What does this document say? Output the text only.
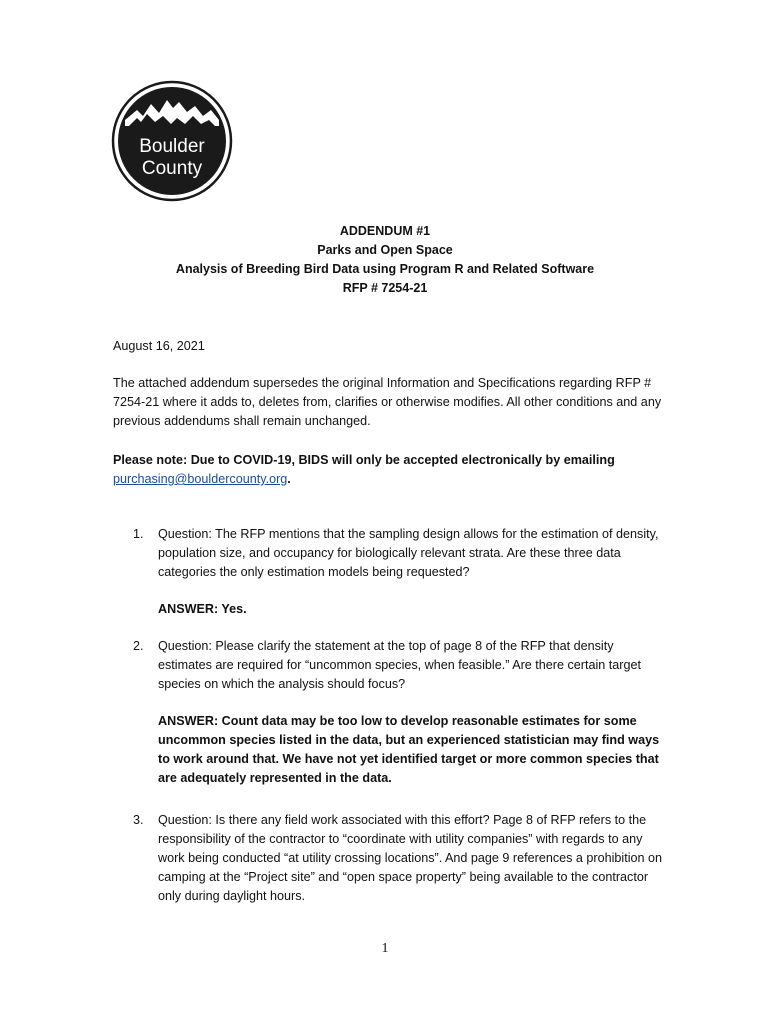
Boulder
County

ADDENDUM #1

Parks and Open Space

Analysis of Breeding Bird Data using Program R and Related Software

RFP # 7254-21

August 16, 2021

The attached addendum supersedes the original Information and Specifications regarding RFP # 7254-21 where it adds to, deletes from, clarifies or otherwise modifies. All other conditions and any previous addendums shall remain unchanged.

Please note: Due to COVID-19, BIDS will only be accepted electronically by emailing purchasing@bouldercounty.org.

1.	Question: The RFP mentions that the sampling design allows for the estimation of density, population size, and occupancy for biologically relevant strata. Are these three data categories the only estimation models being requested?
ANSWER: Yes.
2.	Question: Please clarify the statement at the top of page 8 of the RFP that density estimates are required for “uncommon species, when feasible.” Are there certain target species on which the analysis should focus?
ANSWER: Count data may be too low to develop reasonable estimates for some uncommon species listed in the data, but an experienced statistician may find ways to work around that. We have not yet identified target or more common species that are adequately represented in the data.
3.	Question: Is there any field work associated with this effort? Page 8 of RFP refers to the responsibility of the contractor to “coordinate with utility companies” with regards to any work being conducted “at utility crossing locations”. And page 9 references a prohibition on camping at the “Project site” and “open space property” being available to the contractor only during daylight hours.
1
